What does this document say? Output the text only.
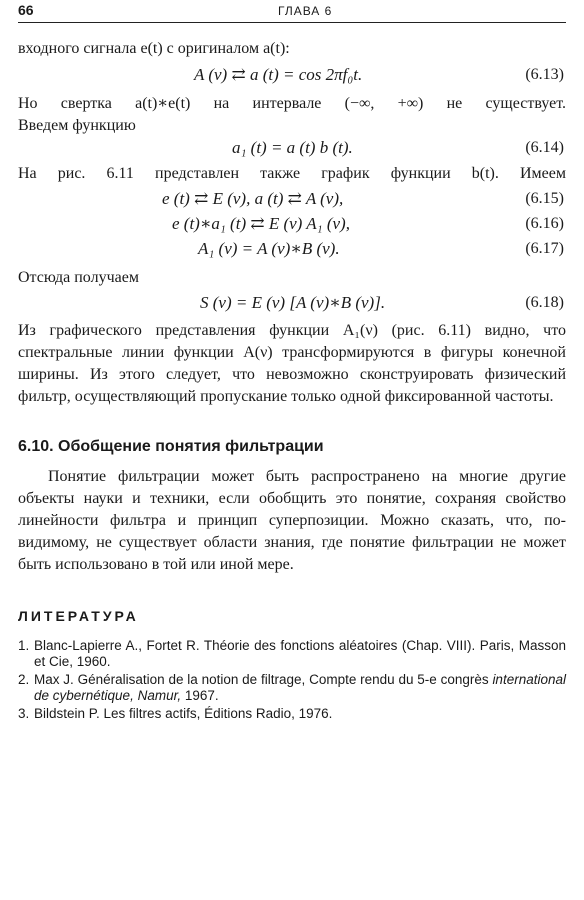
66	ГЛАВА 6
входного сигнала e(t) с оригиналом a(t):
A (ν) ⇄ a (t) = cos 2πf₀t.	(6.13)
Но свертка a(t)∗e(t) на интервале (−∞, +∞) не существует.
Введем функцию
a₁ (t) = a (t) b (t).	(6.14)
На рис. 6.11 представлен также график функции b(t). Имеем
e (t) ⇄ E (ν), a (t) ⇄ A (ν),	(6.15)
e (t)∗a₁ (t) ⇄ E (ν) A₁ (ν),	(6.16)
A₁ (ν) = A (ν)∗B (ν).	(6.17)
Отсюда получаем
S (ν) = E (ν) [A (ν)∗B (ν)].	(6.18)
Из графического представления функции A₁(ν) (рис. 6.11) видно, что спектральные линии функции A(ν) трансформируются в фигуры конечной ширины. Из этого следует, что невозможно сконструировать физический фильтр, осуществляющий пропускание только одной фиксированной частоты.
6.10. Обобщение понятия фильтрации
Понятие фильтрации может быть распространено на многие другие объекты науки и техники, если обобщить это понятие, сохраняя свойство линейности фильтра и принцип суперпозиции. Можно сказать, что, по-видимому, не существует области знания, где понятие фильтрации не может быть использовано в той или иной мере.
ЛИТЕРАТУРА
1. Blanc-Lapierre A., Fortet R. Théorie des fonctions aléatoires (Chap. VIII). Paris, Masson et Cie, 1960.
2. Max J. Généralisation de la notion de filtrage, Compte rendu du 5-e congrès international de cybernétique, Namur, 1967.
3. Bildstein P. Les filtres actifs, Éditions Radio, 1976.
